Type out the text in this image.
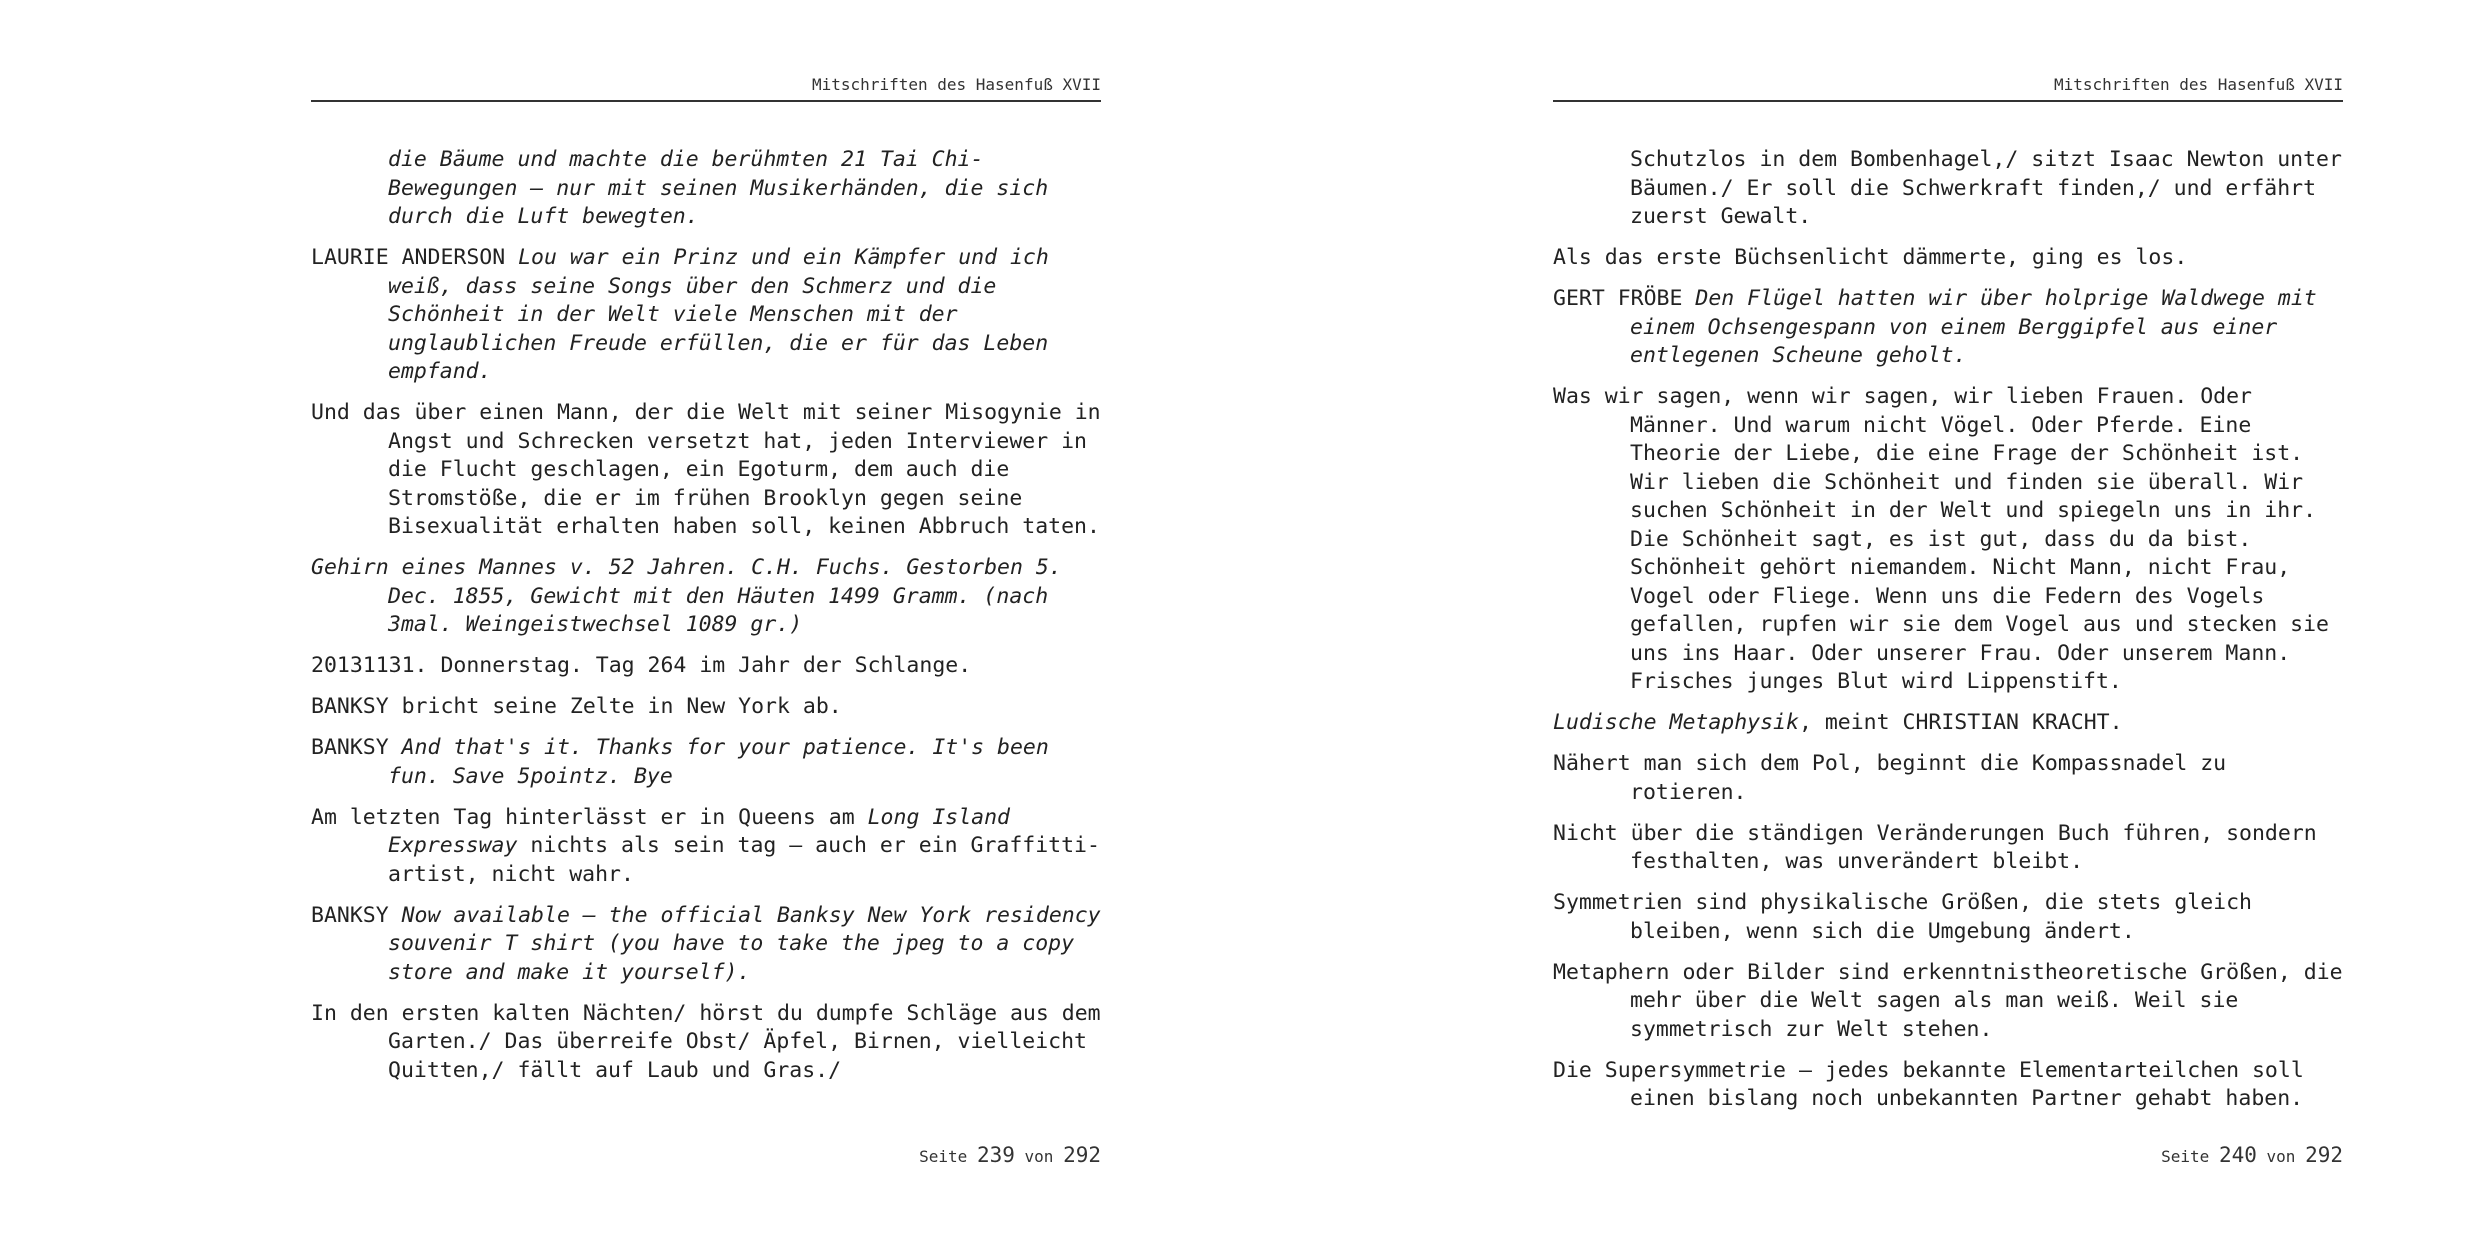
Mitschriften des Hasenfuß XVII

die Bäume und machte die berühmten 21 Tai Chi-Bewegungen – nur mit seinen Musikerhänden, die sich durch die Luft bewegten.

LAURIE ANDERSON Lou war ein Prinz und ein Kämpfer und ich weiß, dass seine Songs über den Schmerz und die Schönheit in der Welt viele Menschen mit der unglaublichen Freude erfüllen, die er für das Leben empfand.

Und das über einen Mann, der die Welt mit seiner Misogynie in Angst und Schrecken versetzt hat, jeden Interviewer in die Flucht geschlagen, ein Egoturm, dem auch die Stromstöße, die er im frühen Brooklyn gegen seine Bisexualität erhalten haben soll, keinen Abbruch taten.

Gehirn eines Mannes v. 52 Jahren. C.H. Fuchs. Gestorben 5. Dec. 1855, Gewicht mit den Häuten 1499 Gramm. (nach 3mal. Weingeistwechsel 1089 gr.)

20131131. Donnerstag. Tag 264 im Jahr der Schlange.

BANKSY bricht seine Zelte in New York ab.

BANKSY And that's it. Thanks for your patience. It's been fun. Save 5pointz. Bye

Am letzten Tag hinterlässt er in Queens am Long Island Expressway nichts als sein tag – auch er ein Graffitti-artist, nicht wahr.

BANKSY Now available – the official Banksy New York residency souvenir T shirt (you have to take the jpeg to a copy store and make it yourself).

In den ersten kalten Nächten/ hörst du dumpfe Schläge aus dem Garten./ Das überreife Obst/ Äpfel, Birnen, vielleicht Quitten,/ fällt auf Laub und Gras./

Seite 239 von 292
Mitschriften des Hasenfuß XVII

Schutzlos in dem Bombenhagel,/ sitzt Isaac Newton unter Bäumen./ Er soll die Schwerkraft finden,/ und erfährt zuerst Gewalt.

Als das erste Büchsenlicht dämmerte, ging es los.

GERT FRÖBE Den Flügel hatten wir über holprige Waldwege mit einem Ochsengespann von einem Berggipfel aus einer entlegenen Scheune geholt.

Was wir sagen, wenn wir sagen, wir lieben Frauen. Oder Männer. Und warum nicht Vögel. Oder Pferde. Eine Theorie der Liebe, die eine Frage der Schönheit ist. Wir lieben die Schönheit und finden sie überall. Wir suchen Schönheit in der Welt und spiegeln uns in ihr. Die Schönheit sagt, es ist gut, dass du da bist. Schönheit gehört niemandem. Nicht Mann, nicht Frau, Vogel oder Fliege. Wenn uns die Federn des Vogels gefallen, rupfen wir sie dem Vogel aus und stecken sie uns ins Haar. Oder unserer Frau. Oder unserem Mann. Frisches junges Blut wird Lippenstift.

Ludische Metaphysik, meint CHRISTIAN KRACHT.

Nähert man sich dem Pol, beginnt die Kompassnadel zu rotieren.

Nicht über die ständigen Veränderungen Buch führen, sondern festhalten, was unverändert bleibt.

Symmetrien sind physikalische Größen, die stets gleich bleiben, wenn sich die Umgebung ändert.

Metaphern oder Bilder sind erkenntnistheoretische Größen, die mehr über die Welt sagen als man weiß. Weil sie symmetrisch zur Welt stehen.

Die Supersymmetrie – jedes bekannte Elementarteilchen soll einen bislang noch unbekannten Partner gehabt haben.

Seite 240 von 292
